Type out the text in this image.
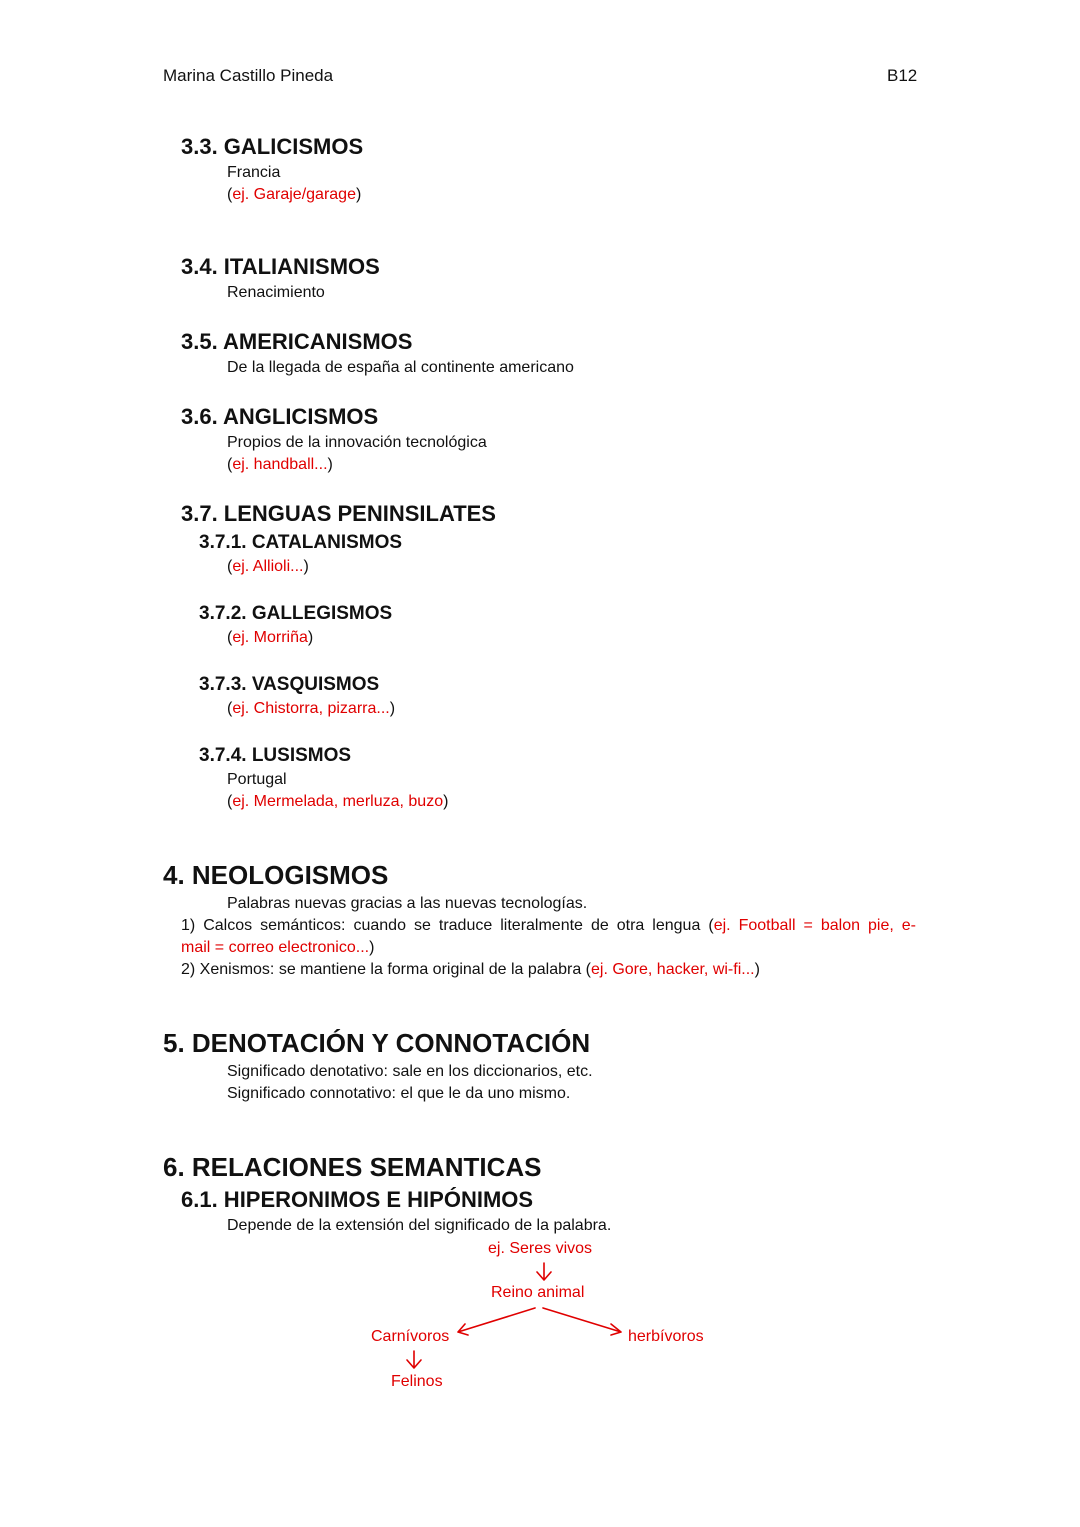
Marina Castillo Pineda	B12
3.3. GALICISMOS
Francia
(ej. Garaje/garage)
3.4. ITALIANISMOS
Renacimiento
3.5. AMERICANISMOS
De la llegada de españa al continente americano
3.6. ANGLICISMOS
Propios de la innovación tecnológica
(ej. handball...)
3.7. LENGUAS PENINSILATES
3.7.1. CATALANISMOS
(ej. Allioli...)
3.7.2. GALLEGISMOS
(ej. Morriña)
3.7.3. VASQUISMOS
(ej. Chistorra, pizarra...)
3.7.4. LUSISMOS
Portugal
(ej. Mermelada, merluza, buzo)
4. NEOLOGISMOS
Palabras nuevas gracias a las nuevas tecnologías.
1) Calcos semánticos: cuando se traduce literalmente de otra lengua (ej. Football = balon pie, e-
mail = correo electronico...)
2) Xenismos: se mantiene la forma original de la palabra (ej. Gore, hacker, wi-fi...)
5. DENOTACIÓN Y CONNOTACIÓN
Significado denotativo: sale en los diccionarios, etc.
Significado connotativo: el que le da uno mismo.
6. RELACIONES SEMANTICAS
6.1. HIPERONIMOS E HIPÓNIMOS
Depende de la extensión del significado de la palabra.
ej. Seres vivos
Reino animal
Carnívoros	herbívoros
Felinos
